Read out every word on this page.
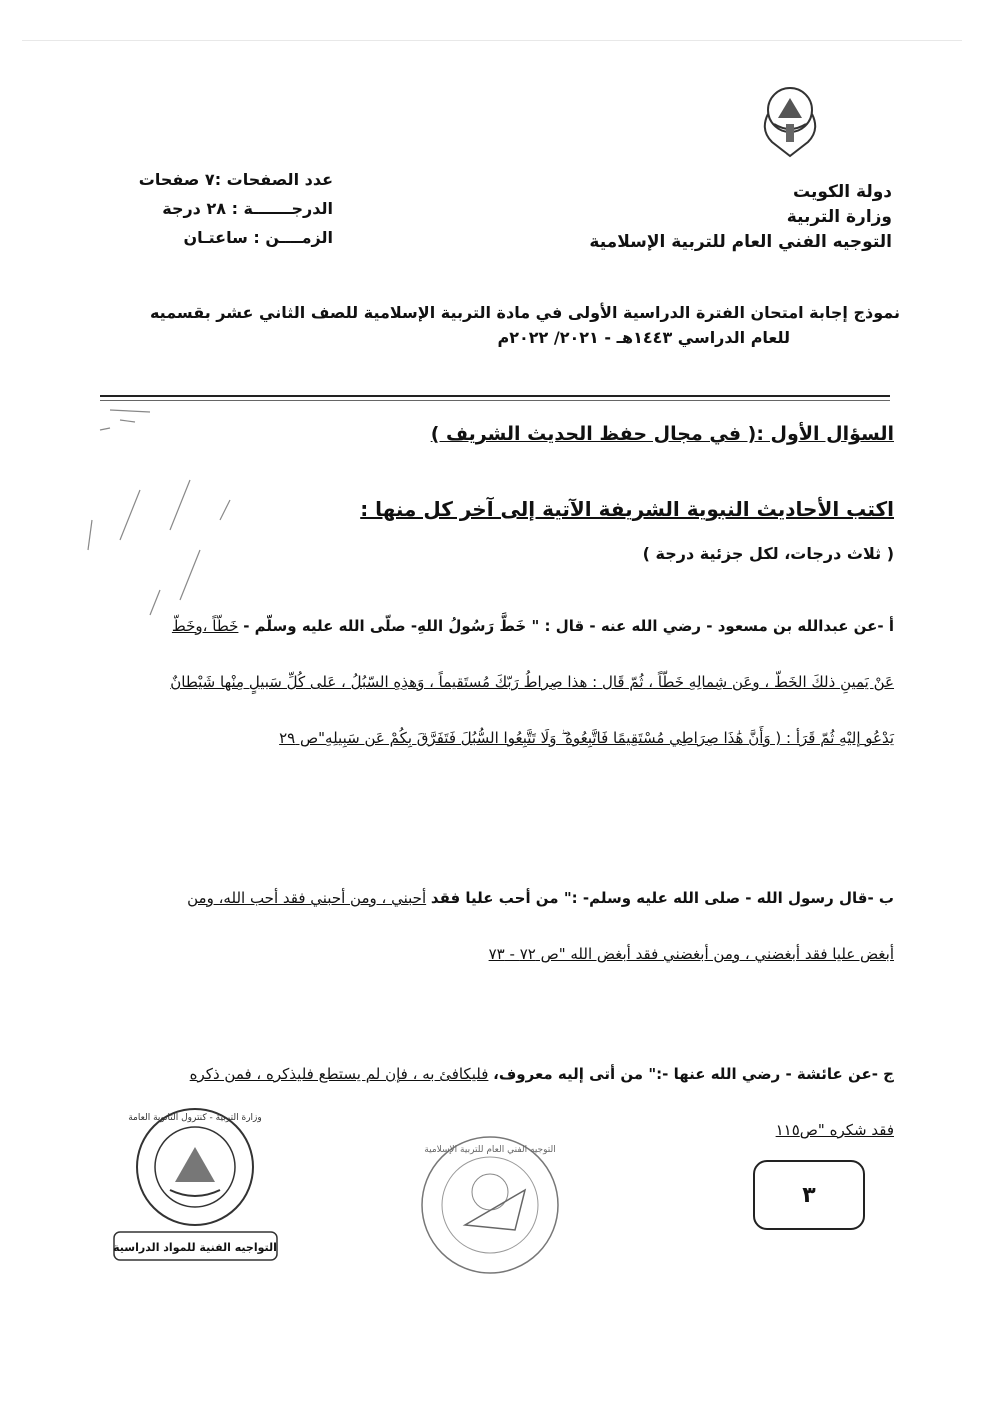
دولة الكويت
وزارة التربية
التوجيه الفني العام للتربية الإسلامية
عدد الصفحات :٧ صفحات
الدرجـــــــة : ٢٨ درجة
الزمــــن : ساعتـان
نموذج إجابة امتحان الفترة الدراسية الأولى في مادة التربية الإسلامية للصف الثاني عشر بقسميه
للعام الدراسي ١٤٤٣هـ - ٢٠٢١/ ٢٠٢٢م
السؤال الأول :( في مجال حفظ الحديث الشريف )
اكتب الأحاديث النبوية الشريفة الآتية إلى آخر كل منها :
( ثلاث درجات، لكل جزئية درجة )
أ -عن عبدالله بن مسعود - رضي الله عنه - قال : " خَطَّ رَسُولُ اللهِ- صلّى الله عليه وسلّم - خَطّاً ،وخَطّ عَنْ يَمينِ ذلكَ الخَطّ ، وعَن شِمالِهِ خَطّاً ، ثُمّ قَال : هذا صِراطُ رَبّكَ مُستَقيماً ، وَهذِهِ السّبُلُ ، عَلى كُلِّ سَبيلٍ مِنْها شَيْطانٌ يَدْعُو إليْهِ ثُمّ قَرَأ : ( وَأَنَّ هَٰذَا صِرَاطِي مُسْتَقِيمًا فَاتَّبِعُوهُ ۖ وَلَا تَتَّبِعُوا السُّبُلَ فَتَفَرَّقَ بِكُمْ عَن سَبِيلِهِ"ص ٢٩
ب -قال رسول الله - صلى الله عليه وسلم- :" من أحب عليا فقد أحبني ، ومن أحبني فقد أحب الله، ومن أبغض عليا فقد أبغضني ، ومن أبغضني فقد أبغض الله "ص ٧٢ - ٧٣
ج -عن عائشة - رضي الله عنها -:" من أتى إليه معروف، فليكافئ به ، فإن لم يستطع فليذكره ، فمن ذكره فقد شكره "ص١١٥
وزارة التربية - كنترول الثانوية العامة
التواجيه الفنية للمواد الدراسية
التوجيه الفني العام للتربية الإسلامية
٣
